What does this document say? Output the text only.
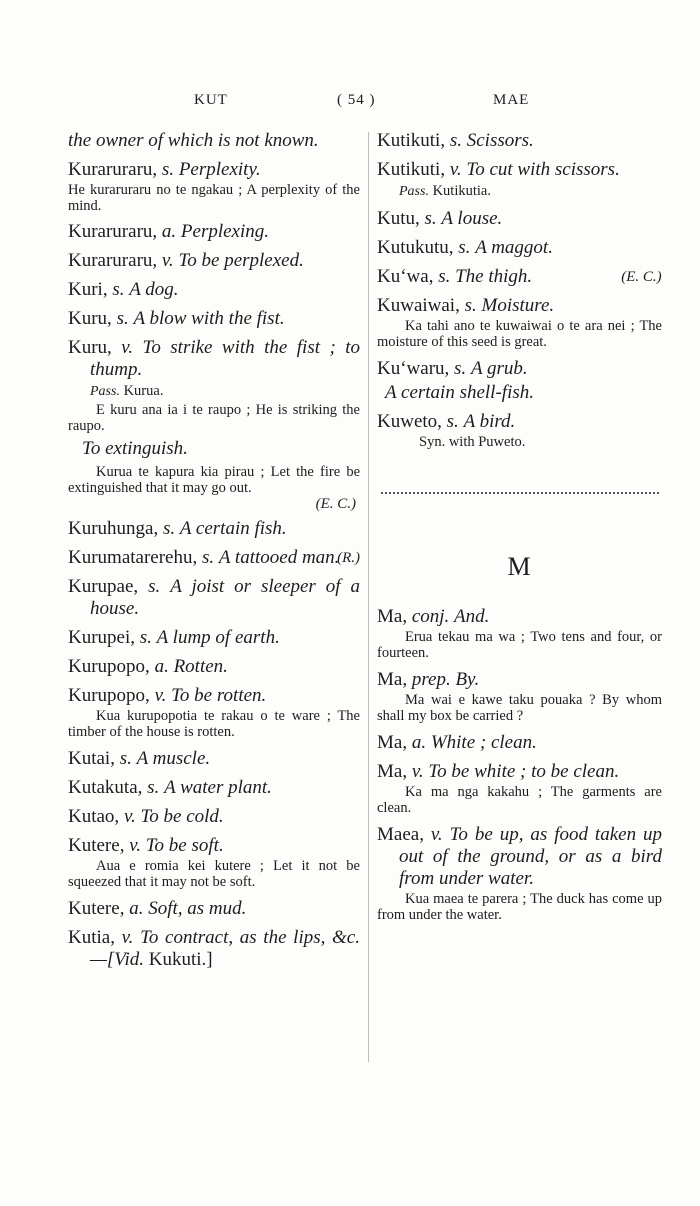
KUT	( 54 )	MAE
the owner of which is not known.
Kuraruraru, s. Perplexity.
He kuraruraru no te ngakau ; A perplexity of the mind.
Kuraruraru, a. Perplexing.
Kuraruraru, v. To be perplexed.
Kuri, s. A dog.
Kuru, s. A blow with the fist.
Kuru, v. To strike with the fist ; to thump.
Pass. Kurua.
E kuru ana ia i te raupo ; He is striking the raupo.
To extinguish.
Kurua te kapura kia pirau ; Let the fire be extinguished that it may go out.
(E. C.)
Kuruhunga, s. A certain fish.
Kurumatarerehu, s. A tattooed man.
(R.)
Kurupae, s. A joist or sleeper of a house.
Kurupei, s. A lump of earth.
Kurupopo, a. Rotten.
Kurupopo, v. To be rotten.
Kua kurupopotia te rakau o te ware ; The timber of the house is rotten.
Kutai, s. A muscle.
Kutakuta, s. A water plant.
Kutao, v. To be cold.
Kutere, v. To be soft.
Aua e romia kei kutere ; Let it not be squeezed that it may not be soft.
Kutere, a. Soft, as mud.
Kutia, v. To contract, as the lips, &c.—[Vid. Kukuti.]
Kutikuti, s. Scissors.
Kutikuti, v. To cut with scissors.
Pass. Kutikutia.
Kutu, s. A louse.
Kutukutu, s. A maggot.
Ku‘wa, s. The thigh.	(E. C.)
Kuwaiwai, s. Moisture.
Ka tahi ano te kuwaiwai o te ara nei ; The moisture of this seed is great.
Ku‘waru, s. A grub.
A certain shell-fish.
Kuweto, s. A bird.
Syn. with Puweto.
M
Ma, conj. And.
Erua tekau ma wa ; Two tens and four, or fourteen.
Ma, prep. By.
Ma wai e kawe taku pouaka ? By whom shall my box be carried ?
Ma, a. White ; clean.
Ma, v. To be white ; to be clean.
Ka ma nga kakahu ; The garments are clean.
Maea, v. To be up, as food taken up out of the ground, or as a bird from under water.
Kua maea te parera ; The duck has come up from under the water.
